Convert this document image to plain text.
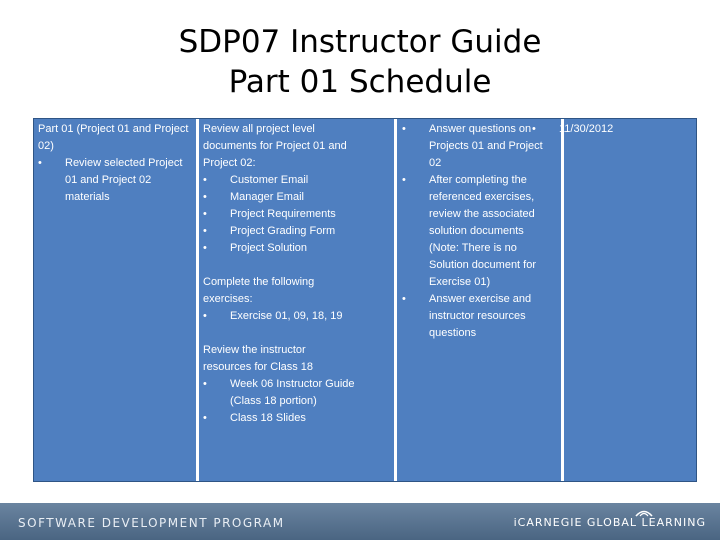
SDP07 Instructor Guide
Part 01 Schedule
Part 01 (Project 01 and Project
02)
• Review selected Project
01 and Project 02
materials
Review all project level
documents for Project 01 and
Project 02:
• Customer Email
• Manager Email
• Project Requirements
• Project Grading Form
• Project Solution

Complete the following
exercises:
• Exercise 01, 09, 18, 19

Review the instructor
resources for Class 18
• Week 06 Instructor Guide
(Class 18 portion)
• Class 18 Slides
• Answer questions on
Projects 01 and Project
02
• After completing the
referenced exercises,
review the associated
solution documents
(Note: There is no
Solution document for
Exercise 01)
• Answer exercise and
instructor resources
questions
• 11/30/2012
SOFTWARE DEVELOPMENT PROGRAM	iCARNEGIE GLOBAL LEARNING
